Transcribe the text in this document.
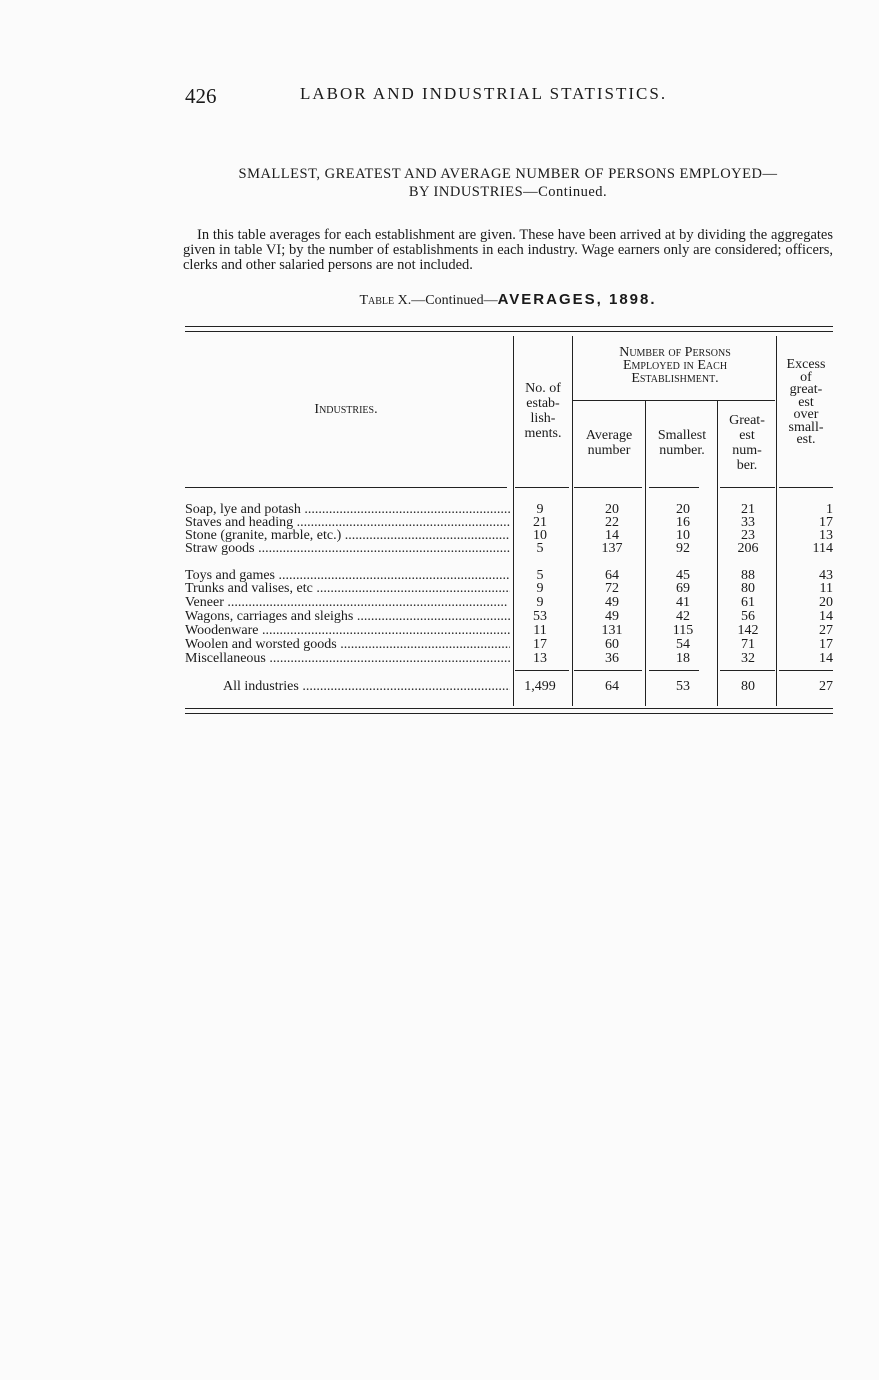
426	LABOR AND INDUSTRIAL STATISTICS.
SMALLEST, GREATEST AND AVERAGE NUMBER OF PERSONS EMPLOYED—
BY INDUSTRIES—Continued.
In this table averages for each establishment are given. These have been arrived at by dividing the aggregates given in table VI; by the number of establishments in each industry. Wage earners only are considered; officers, clerks and other salaried persons are not included.
Table X.—Continued—AVERAGES, 1898.
Industries.
No. of
estab-
lish-
ments.
Number of Persons
Employed in Each
Establishment.
Average
number
Smallest
number.
Great-
est
num-
ber.
Excess
of
great-
est
over
small-
est.
Soap, lye and potash .....	9	20	20	21	1
Staves and heading .....	21	22	16	33	17
Stone (granite, marble, etc.) .....	10	14	10	23	13
Straw goods .....	5	137	92	206	114
Toys and games .....	5	64	45	88	43
Trunks and valises, etc .....	9	72	69	80	11
Veneer .....	9	49	41	61	20
Wagons, carriages and sleighs .....	53	49	42	56	14
Woodenware .....	11	131	115	142	27
Woolen and worsted goods .....	17	60	54	71	17
Miscellaneous .....	13	36	18	32	14
All industries .....	1,499	64	53	80	27
